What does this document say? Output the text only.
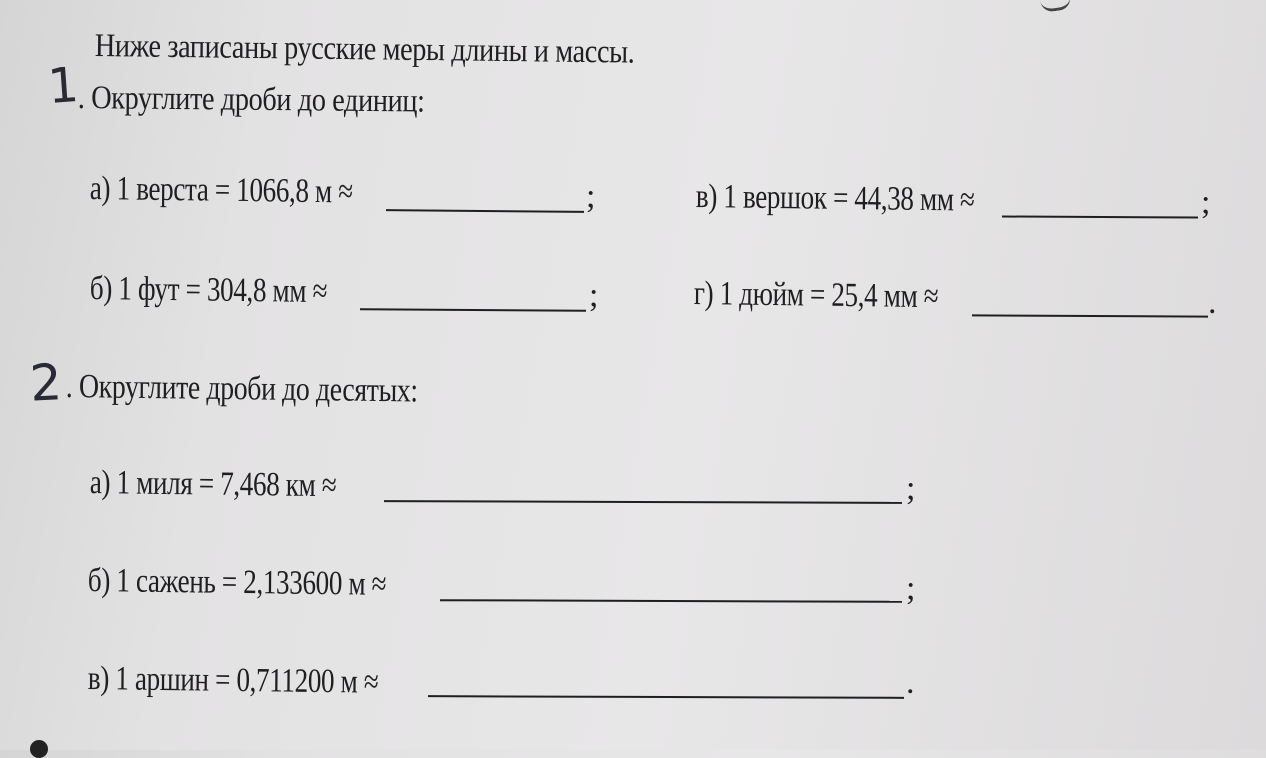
Ниже записаны русские меры длины и массы.
1
. Округлите дроби до единиц:
а) 1 верста = 1066,8 м ≈	;	в) 1 вершок = 44,38 мм ≈	;
б) 1 фут = 304,8 мм ≈	;	г) 1 дюйм = 25,4 мм ≈	.
2 . Округлите дроби до десятых:
а) 1 миля = 7,468 км ≈	;
б) 1 сажень = 2,133600 м ≈	;
в) 1 аршин = 0,711200 м ≈	.
